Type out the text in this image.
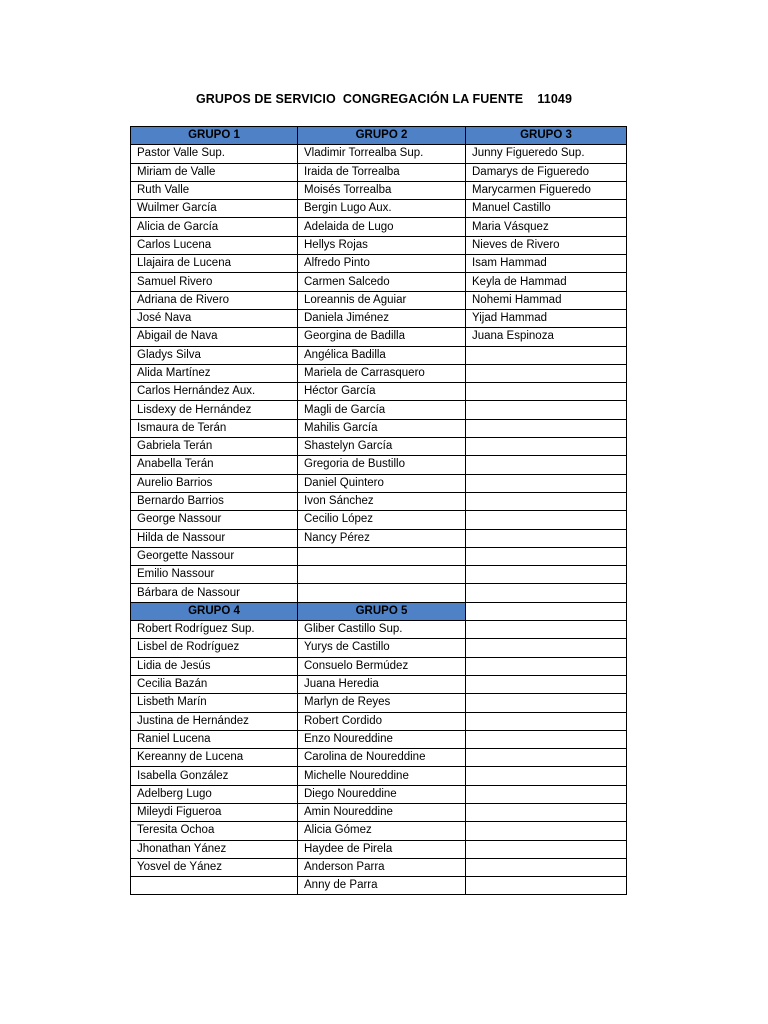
GRUPOS DE SERVICIO  CONGREGACIÓN LA FUENTE    11049
GRUPO 1	GRUPO 2	GRUPO 3
Pastor Valle Sup.	Vladimir Torrealba Sup.	Junny Figueredo Sup.
Miriam de Valle	Iraida de Torrealba	Damarys de Figueredo
Ruth Valle	Moisés Torrealba	Marycarmen Figueredo
Wuilmer García	Bergin Lugo Aux.	Manuel Castillo
Alicia de García	Adelaida de Lugo	Maria Vásquez
Carlos Lucena	Hellys Rojas	Nieves de Rivero
Llajaira de Lucena	Alfredo Pinto	Isam Hammad
Samuel Rivero	Carmen Salcedo	Keyla de Hammad
Adriana de Rivero	Loreannis de Aguiar	Nohemi Hammad
José Nava	Daniela Jiménez	Yijad Hammad
Abigail de Nava	Georgina de Badilla	Juana Espinoza
Gladys Silva	Angélica Badilla	
Alida Martínez	Mariela de Carrasquero	
Carlos Hernández Aux.	Héctor García	
Lisdexy de Hernández	Magli de García	
Ismaura de Terán	Mahilis García	
Gabriela Terán	Shastelyn García	
Anabella Terán	Gregoria de Bustillo	
Aurelio Barrios	Daniel Quintero	
Bernardo Barrios	Ivon Sánchez	
George Nassour	Cecilio López	
Hilda de Nassour	Nancy Pérez	
Georgette Nassour		
Emilio Nassour		
Bárbara de Nassour		
GRUPO 4	GRUPO 5	
Robert Rodríguez Sup.	Gliber Castillo Sup.	
Lisbel de Rodríguez	Yurys de Castillo	
Lidia de Jesús	Consuelo Bermúdez	
Cecilia Bazán	Juana Heredia	
Lisbeth Marín	Marlyn de Reyes	
Justina de Hernández	Robert Cordido	
Raniel Lucena	Enzo Noureddine	
Kereanny de Lucena	Carolina de Noureddine	
Isabella González	Michelle Noureddine	
Adelberg Lugo	Diego Noureddine	
Mileydi Figueroa	Amin Noureddine	
Teresita Ochoa	Alicia Gómez	
Jhonathan Yánez	Haydee de Pirela	
Yosvel de Yánez	Anderson Parra	
	Anny de Parra	
